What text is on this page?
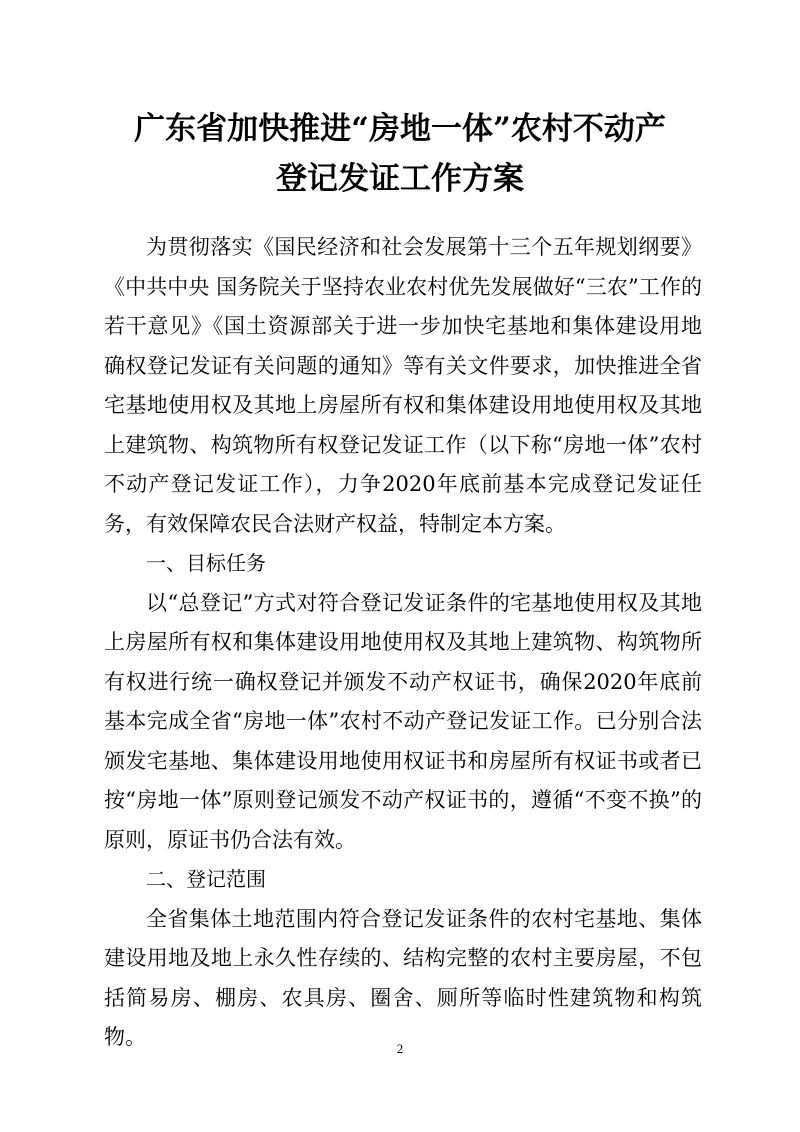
广东省加快推进“房地一体”农村不动产
登记发证工作方案

为贯彻落实《国民经济和社会发展第十三个五年规划纲要》《中共中央 国务院关于坚持农业农村优先发展做好“三农”工作的若干意见》《国土资源部关于进一步加快宅基地和集体建设用地确权登记发证有关问题的通知》等有关文件要求，加快推进全省宅基地使用权及其地上房屋所有权和集体建设用地使用权及其地上建筑物、构筑物所有权登记发证工作（以下称“房地一体”农村不动产登记发证工作），力争2020年底前基本完成登记发证任务，有效保障农民合法财产权益，特制定本方案。

一、目标任务

以“总登记”方式对符合登记发证条件的宅基地使用权及其地上房屋所有权和集体建设用地使用权及其地上建筑物、构筑物所有权进行统一确权登记并颁发不动产权证书，确保2020年底前基本完成全省“房地一体”农村不动产登记发证工作。已分别合法颁发宅基地、集体建设用地使用权证书和房屋所有权证书或者已按“房地一体”原则登记颁发不动产权证书的，遵循“不变不换”的原则，原证书仍合法有效。

二、登记范围

全省集体土地范围内符合登记发证条件的农村宅基地、集体建设用地及地上永久性存续的、结构完整的农村主要房屋，不包括简易房、棚房、农具房、圈舍、厕所等临时性建筑物和构筑物。	2
